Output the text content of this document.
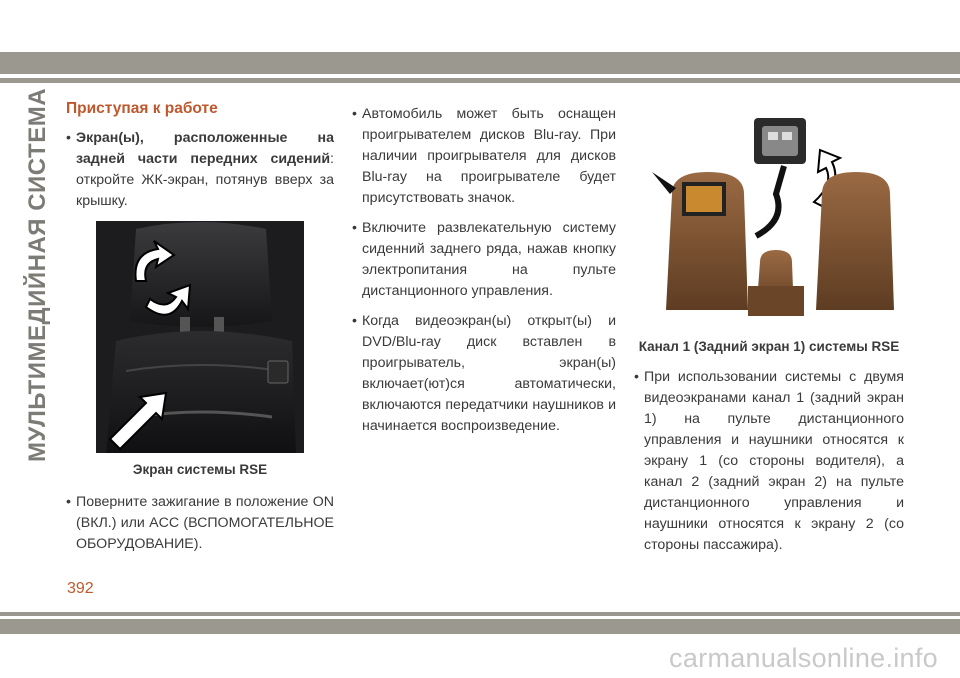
МУЛЬТИМЕДИЙНАЯ СИСТЕМА Приступая к работе
• Экран(ы), расположенные на задней части передних сидений: откройте ЖК-экран, потянув вверх за крышку.
Экран системы RSE
• Поверните зажигание в положение ON (ВКЛ.) или ACC (ВСПОМОГАТЕЛЬНОЕ ОБОРУДОВАНИЕ).
• Автомобиль может быть оснащен проигрывателем дисков Blu-ray. При наличии проигрывателя для дисков Blu-ray на проигрывателе будет присутствовать значок.
• Включите развлекательную систему сиденний заднего ряда, нажав кнопку электропитания на пульте дистанционного управления.
• Когда видеоэкран(ы) открыт(ы) и DVD/Blu-ray диск вставлен в проигрыватель, экран(ы) включает(ют)ся автоматически, включаются передатчики наушников и начинается воспроизведение.
Канал 1 (Задний экран 1) системы RSE
• При использовании системы с двумя видеоэкранами канал 1 (задний экран 1) на пульте дистанционного управления и наушники относятся к экрану 1 (со стороны водителя), а канал 2 (задний экран 2) на пульте дистанционного управления и наушники относятся к экрану 2 (со стороны пассажира).
392
carmanualsonline.info
